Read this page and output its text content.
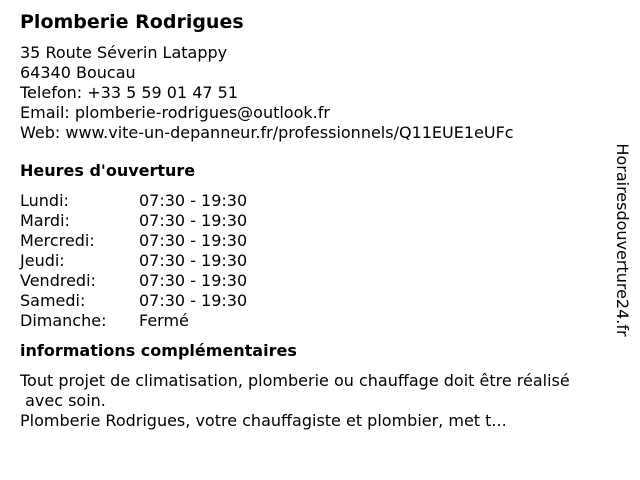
Plomberie Rodrigues
35 Route Séverin Latappy
64340 Boucau
Telefon: +33 5 59 01 47 51
Email: plomberie-rodrigues@outlook.fr
Web: www.vite-un-depanneur.fr/professionnels/Q11EUE1eUFc
Heures d'ouverture
Lundi:	07:30 - 19:30
Mardi:	07:30 - 19:30
Mercredi:	07:30 - 19:30
Jeudi:	07:30 - 19:30
Vendredi:	07:30 - 19:30
Samedi:	07:30 - 19:30
Dimanche: Fermé
informations complémentaires
Tout projet de climatisation, plomberie ou chauffage doit être réalisé
avec soin.
Plomberie Rodrigues, votre chauffagiste et plombier, met t...
Horairesdouverture24.fr
